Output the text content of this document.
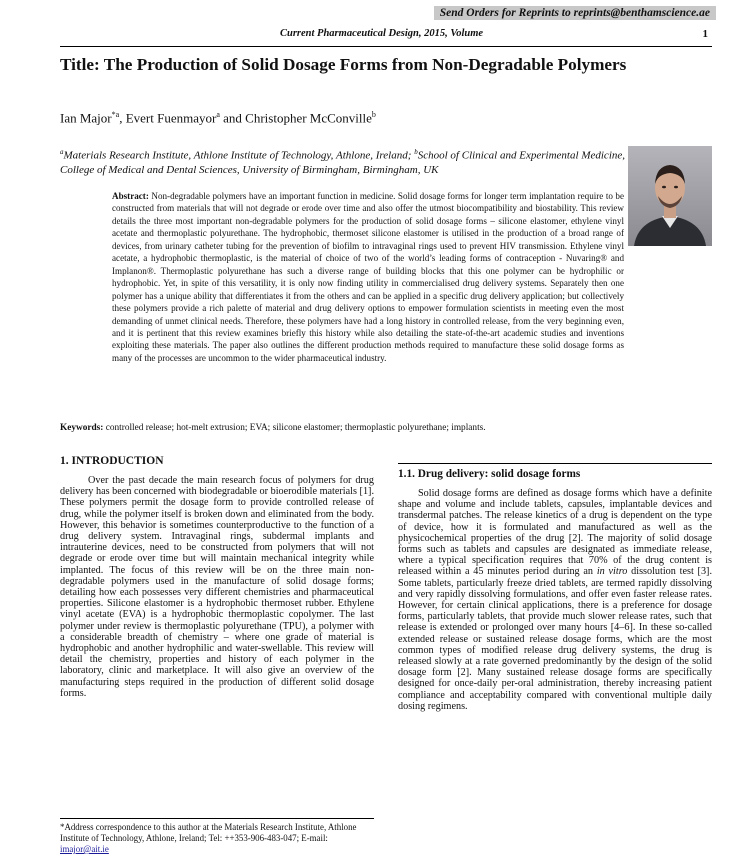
Send Orders for Reprints to reprints@benthamscience.ae
Current Pharmaceutical Design, 2015, Volume	1
Title: The Production of Solid Dosage Forms from Non-Degradable Polymers
Ian Major$^{*a}$, Evert Fuenmayor$^a$ and Christopher McConville$^b$
$^a$Materials Research Institute, Athlone Institute of Technology, Athlone, Ireland; $^b$School of Clinical and Experimental Medicine, College of Medical and Dental Sciences, University of Birmingham, Birmingham, UK
Abstract: Non-degradable polymers have an important function in medicine. Solid dosage forms for longer term implantation require to be constructed from materials that will not degrade or erode over time and also offer the utmost biocompatibility and biostability. This review details the three most important non-degradable polymers for the production of solid dosage forms – silicone elastomer, ethylene vinyl acetate and thermoplastic polyurethane. The hydrophobic, thermoset silicone elastomer is utilised in the production of a broad range of devices, from urinary catheter tubing for the prevention of biofilm to intravaginal rings used to prevent HIV transmission. Ethylene vinyl acetate, a hydrophobic thermoplastic, is the material of choice of two of the world’s leading forms of contraception - Nuvaring® and Implanon®. Thermoplastic polyurethane has such a diverse range of building blocks that this one polymer can be hydrophilic or hydrophobic. Yet, in spite of this versatility, it is only now finding utility in commercialised drug delivery systems. Separately then one polymer has a unique ability that differentiates it from the others and can be applied in a specific drug delivery application; but collectively these polymers provide a rich palette of material and drug delivery options to empower formulation scientists in meeting even the most demanding of unmet clinical needs. Therefore, these polymers have had a long history in controlled release, from the very beginning even, and it is pertinent that this review examines briefly this history while also detailing the state-of-the-art academic studies and inventions exploiting these materials. The paper also outlines the different production methods required to manufacture these solid dosage forms as many of the processes are uncommon to the wider pharmaceutical industry.
Keywords: controlled release; hot-melt extrusion; EVA; silicone elastomer; thermoplastic polyurethane; implants.
1. INTRODUCTION
Over the past decade the main research focus of polymers for drug delivery has been concerned with biodegradable or bioerodible materials [1]. These polymers permit the dosage form to provide controlled release of drug, while the polymer itself is broken down and eliminated from the body. However, this behavior is sometimes counterproductive to the function of a drug delivery system. Intravaginal rings, subdermal implants and intrauterine devices, need to be constructed from polymers that will not degrade or erode over time but will maintain mechanical integrity while implanted. The focus of this review will be on the three main non-degradable polymers used in the manufacture of solid dosage forms; detailing how each possesses very different chemistries and pharmaceutical properties. Silicone elastomer is a hydrophobic thermoset rubber. Ethylene vinyl acetate (EVA) is a hydrophobic thermoplastic copolymer. The last polymer under review is thermoplastic polyurethane (TPU), a polymer with a considerable breadth of chemistry – where one grade of material is hydrophobic and another hydrophilic and water-swellable. This review will detail the chemistry, properties and history of each polymer in the laboratory, clinic and marketplace. It will also give an overview of the manufacturing steps required in the production of different solid dosage forms.
1.1. Drug delivery: solid dosage forms
Solid dosage forms are defined as dosage forms which have a definite shape and volume and include tablets, capsules, implantable devices and transdermal patches. The release kinetics of a drug is dependent on the type of device, how it is formulated and manufactured as well as the physicochemical properties of the drug [2]. The majority of solid dosage forms such as tablets and capsules are designated as immediate release, where a typical specification requires that 70% of the drug content is released within a 45 minutes period during an in vitro dissolution test [3]. Some tablets, particularly freeze dried tablets, are termed rapidly dissolving and very rapidly dissolving formulations, and offer even faster release rates. However, for certain clinical applications, there is a preference for dosage forms, particularly tablets, that provide much slower release rates, such that release is extended or prolonged over many hours [4–6]. In these so-called extended release or sustained release dosage forms, which are the most common types of modified release drug delivery systems, the drug is released slowly at a rate governed predominantly by the design of the solid dosage form [2]. Many sustained release dosage forms are specifically designed for once-daily per-oral administration, thereby increasing patient compliance and acceptability compared with conventional multiple daily dosing regimens.
*Address correspondence to this author at the Materials Research Institute, Athlone Institute of Technology, Athlone, Ireland; Tel: ++353-906-483-047; E-mail: imajor@ait.ie
